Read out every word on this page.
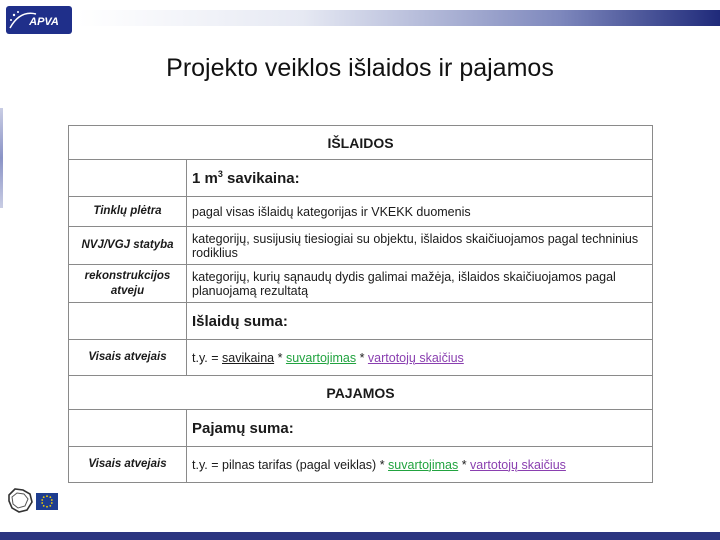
APVA
Projekto veiklos išlaidos ir pajamos
IŠLAIDOS	
	1 $m^3$ savikaina:
Tinklų plėtra	pagal visas išlaidų kategorijas ir VKEKK duomenis
NVJ/VGJ statyba	kategorijų, susijusių tiesiogiai su objektu, išlaidos skaičiuojamos pagal techninius rodiklius
rekonstrukcijos atveju	kategorijų, kurių sąnaudų dydis galimai mažėja, išlaidos skaičiuojamos pagal planuojamą rezultatą
	Išlaidų suma:
Visais atvejais	t.y. = savikaina * suvartojimas * vartotojų skaičius
PAJAMOS	
	Pajamų suma:
Visais atvejais	t.y. = pilnas tarifas (pagal veiklas) * suvartojimas * vartotojų skaičius
